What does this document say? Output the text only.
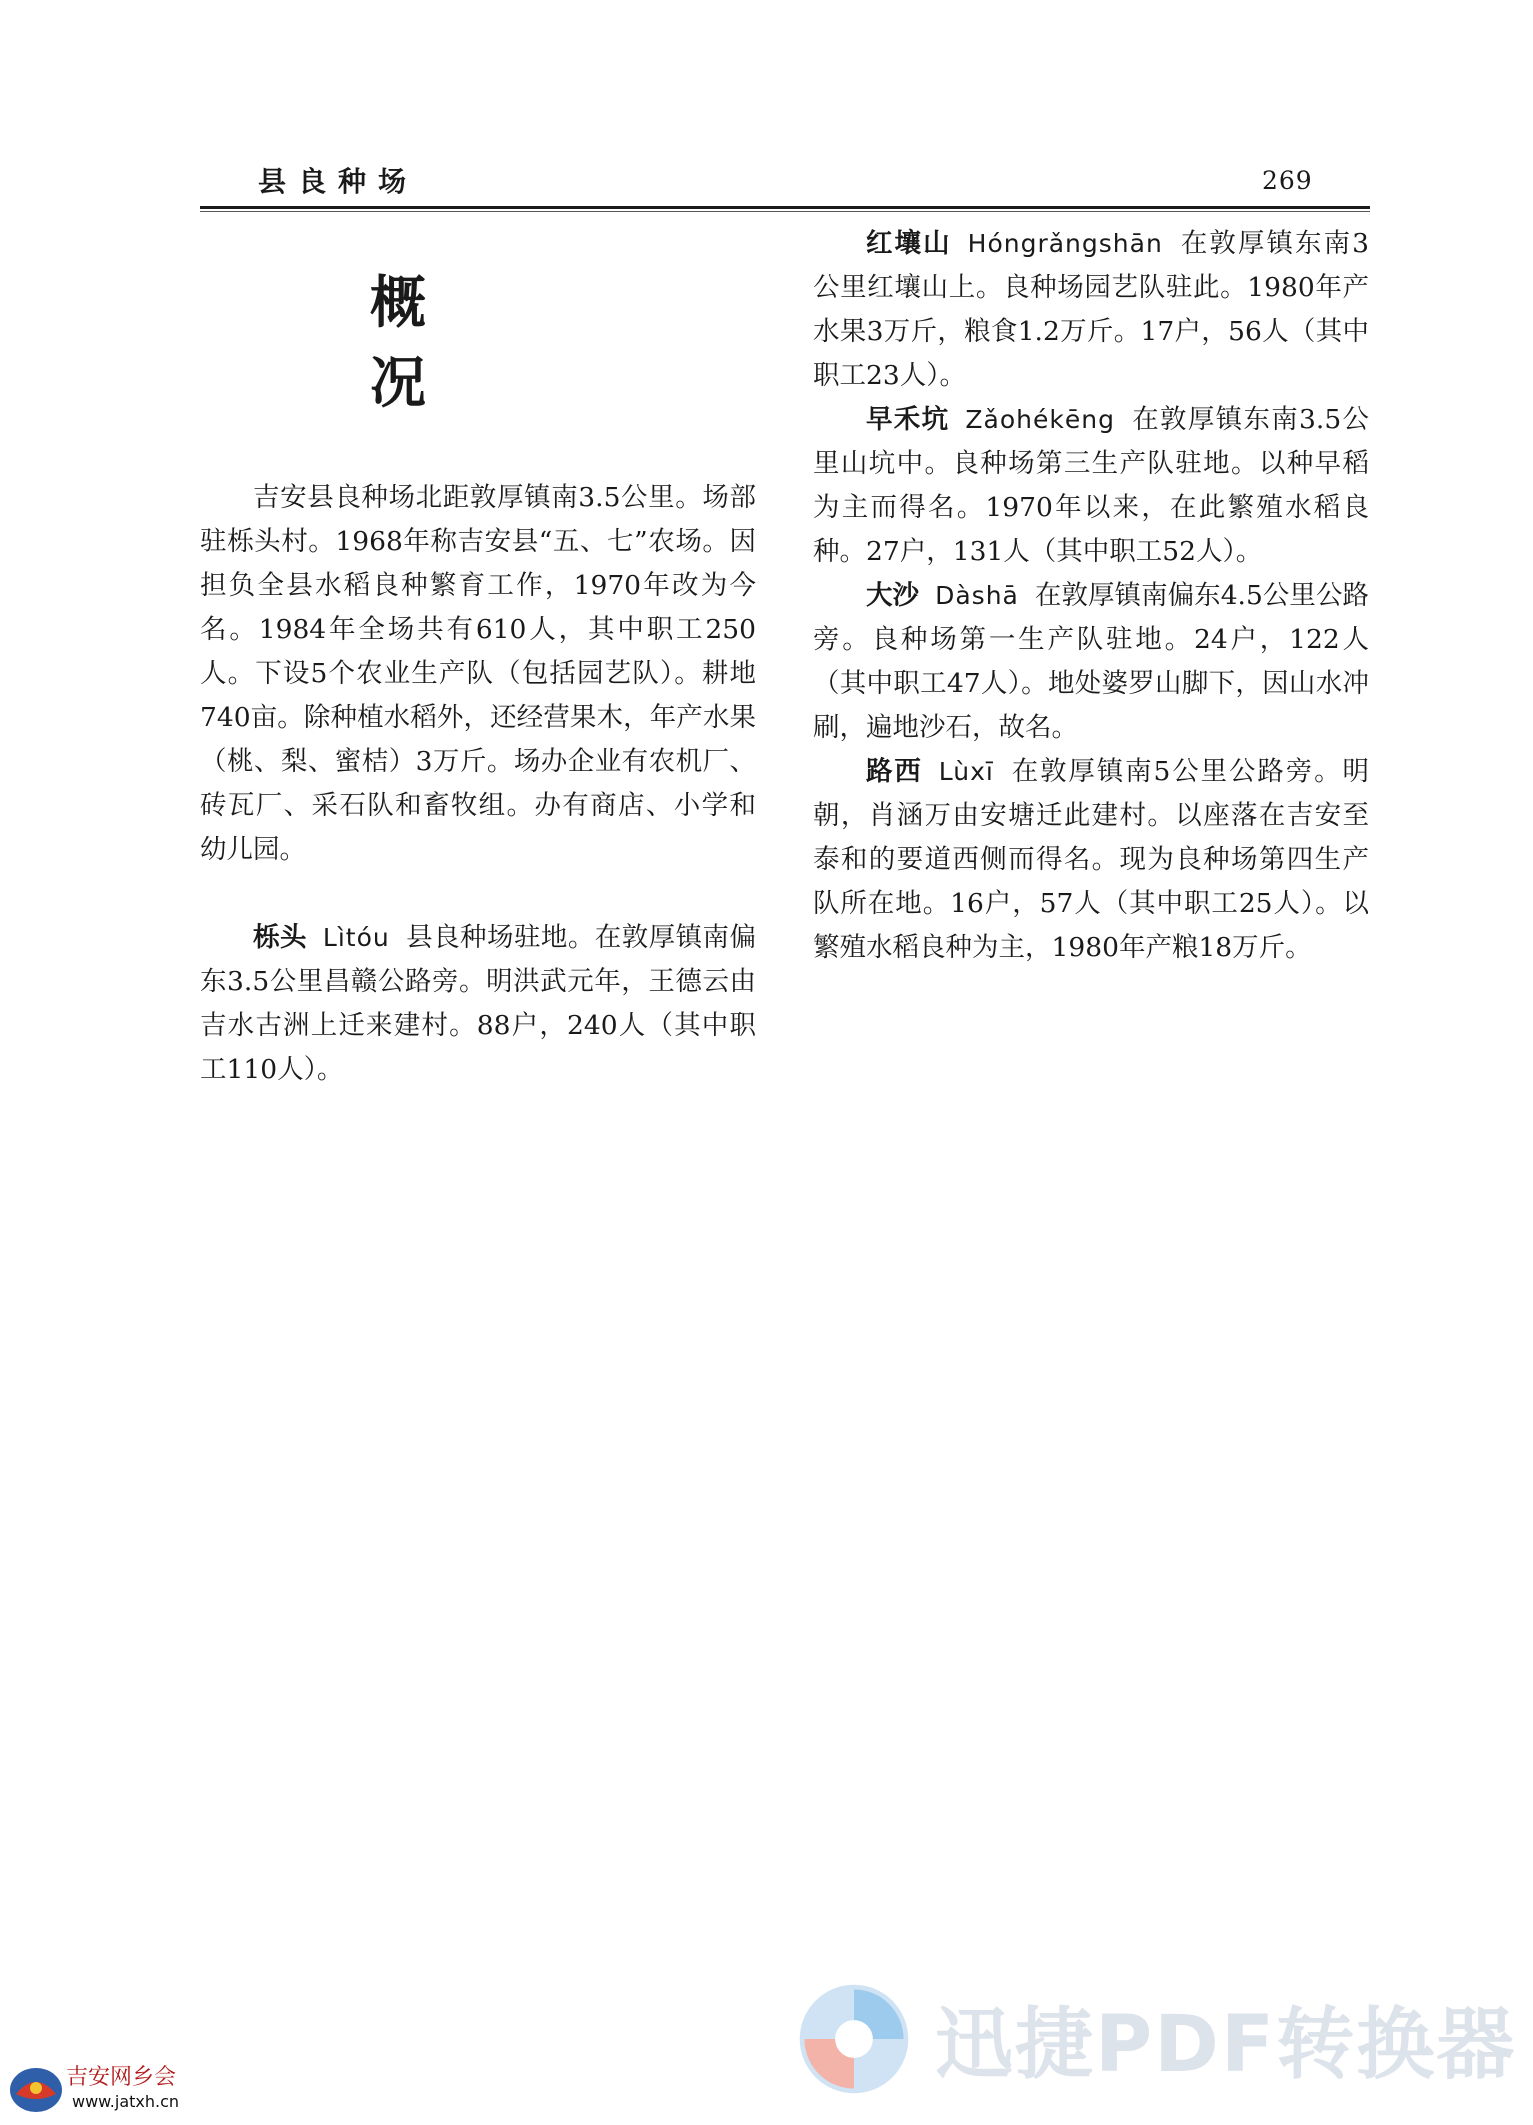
县良种场	269
概　况

吉安县良种场北距敦厚镇南3.5公里。场部驻栎头村。1968年称吉安县“五、七”农场。因担负全县水稻良种繁育工作，1970年改为今名。1984年全场共有610人，其中职工250人。下设5个农业生产队（包括园艺队）。耕地740亩。除种植水稻外，还经营果木，年产水果（桃、梨、蜜桔）3万斤。场办企业有农机厂、砖瓦厂、采石队和畜牧组。办有商店、小学和幼儿园。

栎头 Lìtóu 县良种场驻地。在敦厚镇南偏东3.5公里昌赣公路旁。明洪武元年，王德云由吉水古洲上迁来建村。88户，240人（其中职工110人）。

红壤山 Hóngrǎngshān 在敦厚镇东南3公里红壤山上。良种场园艺队驻此。1980年产水果3万斤，粮食1.2万斤。17户，56人（其中职工23人）。

早禾坑 Zǎohékēng 在敦厚镇东南3.5公里山坑中。良种场第三生产队驻地。以种早稻为主而得名。1970年以来，在此繁殖水稻良种。27户，131人（其中职工52人）。

大沙 Dàshā 在敦厚镇南偏东4.5公里公路旁。良种场第一生产队驻地。24户，122人（其中职工47人）。地处婆罗山脚下，因山水冲刷，遍地沙石，故名。

路西 Lùxī 在敦厚镇南5公里公路旁。明朝，肖涵万由安塘迁此建村。以座落在吉安至泰和的要道西侧而得名。现为良种场第四生产队所在地。16户，57人（其中职工25人）。以繁殖水稻良种为主，1980年产粮18万斤。

迅捷PDF转换器
吉安网乡会
www.jatxh.cn
